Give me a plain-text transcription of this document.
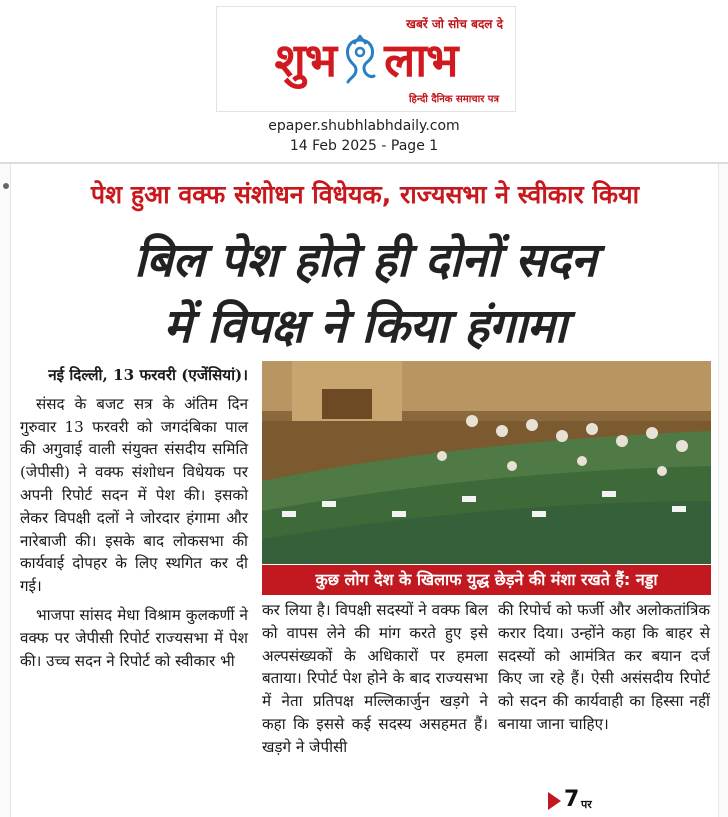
खबरें जो सोच बदल दे
शुभ लाभ
हिन्दी दैनिक समाचार पत्र
epaper.shubhlabhdaily.com
14 Feb 2025 - Page 1
पेश हुआ वक्फ संशोधन विधेयक, राज्यसभा ने स्वीकार किया
बिल पेश होते ही दोनों सदन
में विपक्ष ने किया हंगामा
नई दिल्ली, 13 फरवरी (एजेंसियां)।

संसद के बजट सत्र के अंतिम दिन गुरुवार 13 फरवरी को जगदंबिका पाल की अगुवाई वाली संयुक्त संसदीय समिति (जेपीसी) ने वक्फ संशोधन विधेयक पर अपनी रिपोर्ट सदन में पेश की। इसको लेकर विपक्षी दलों ने जोरदार हंगामा और नारेबाजी की। इसके बाद लोकसभा की कार्यवाई दोपहर के लिए स्थगित कर दी गई।

भाजपा सांसद मेधा विश्राम कुलकर्णी ने वक्फ पर जेपीसी रिपोर्ट राज्यसभा में पेश की। उच्च सदन ने रिपोर्ट को स्वीकार भी

कुछ लोग देश के खिलाफ युद्ध छेड़ने की मंशा रखते हैं: नड्डा
कर लिया है। विपक्षी सदस्यों ने वक्फ बिल को वापस लेने की मांग करते हुए इसे अल्पसंख्यकों के अधिकारों पर हमला बताया। रिपोर्ट पेश होने के बाद राज्यसभा में नेता प्रतिपक्ष मल्लिकार्जुन खड़गे ने कहा कि इससे कई सदस्य असहमत हैं। खड़गे ने जेपीसी
की रिपोर्च को फर्जी और अलोकतांत्रिक करार दिया। उन्होंने कहा कि बाहर से सदस्यों को आमंत्रित कर बयान दर्ज किए जा रहे हैं। ऐसी असंसदीय रिपोर्ट को सदन की कार्यवाही का हिस्सा नहीं बनाया जाना चाहिए।
7 पर
